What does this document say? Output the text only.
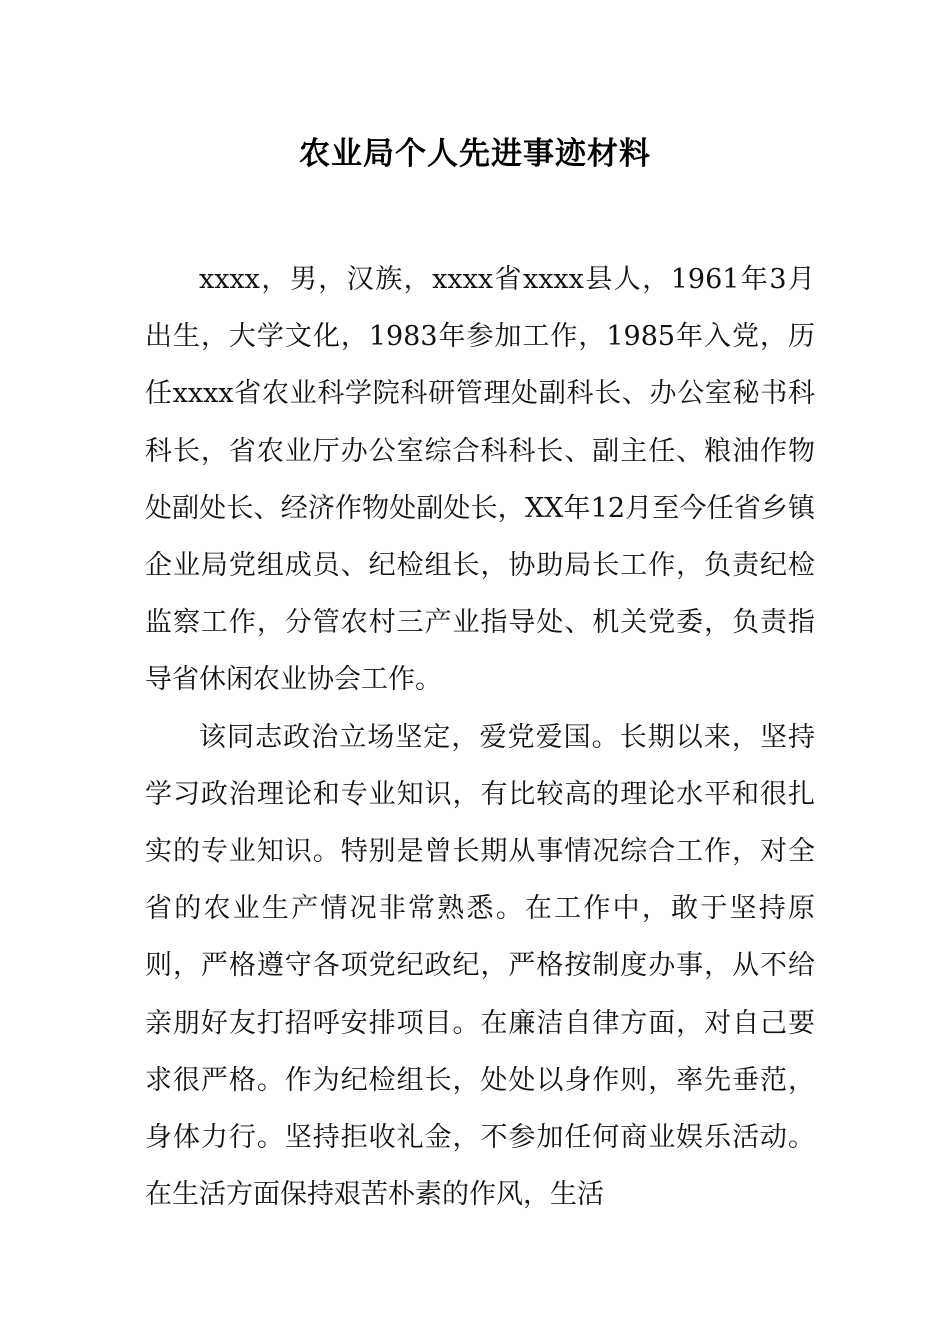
农业局个人先进事迹材料

xxxx，男，汉族，xxxx省xxxx县人，1961年3月出生，大学文化，1983年参加工作，1985年入党，历任xxxx省农业科学院科研管理处副科长、办公室秘书科科长，省农业厅办公室综合科科长、副主任、粮油作物处副处长、经济作物处副处长，XX年12月至今任省乡镇企业局党组成员、纪检组长，协助局长工作，负责纪检监察工作，分管农村三产业指导处、机关党委，负责指导省休闲农业协会工作。

该同志政治立场坚定，爱党爱国。长期以来，坚持学习政治理论和专业知识，有比较高的理论水平和很扎实的专业知识。特别是曾长期从事情况综合工作，对全省的农业生产情况非常熟悉。在工作中，敢于坚持原则，严格遵守各项党纪政纪，严格按制度办事，从不给亲朋好友打招呼安排项目。在廉洁自律方面，对自己要求很严格。作为纪检组长，处处以身作则，率先垂范，身体力行。坚持拒收礼金，不参加任何商业娱乐活动。在生活方面保持艰苦朴素的作风，生活
